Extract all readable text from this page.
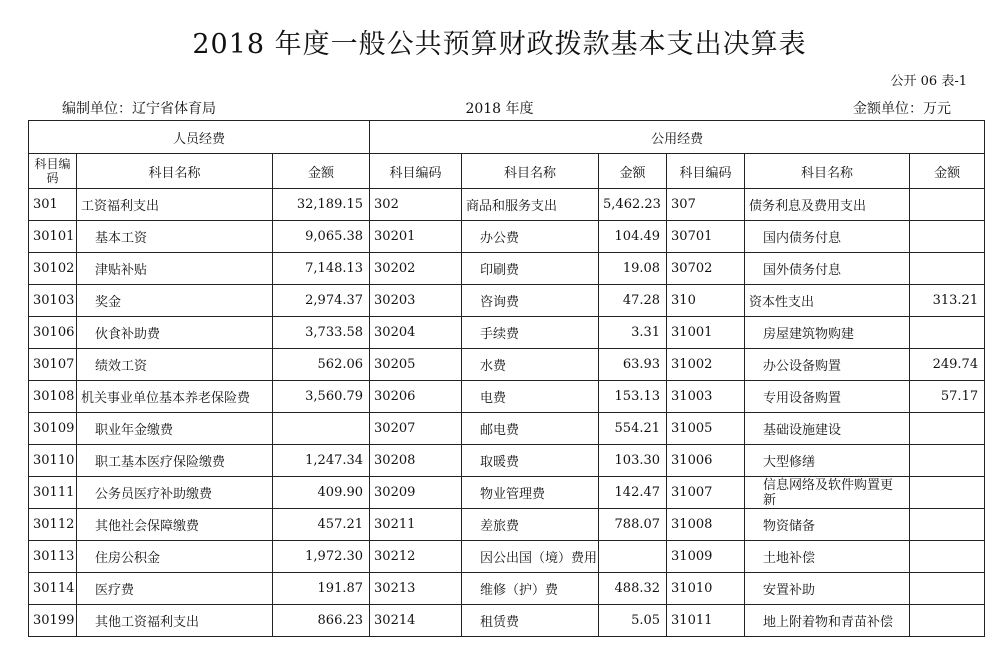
2018 年度一般公共预算财政拨款基本支出决算表
公开 06 表-1
编制单位：辽宁省体育局	2018 年度	金额单位：万元
人员经费			公用经费					
科目编码	科目名称	金额	科目编码	科目名称	金额	科目编码	科目名称	金额
301	工资福利支出	32,189.15	302	商品和服务支出	5,462.23	307	债务利息及费用支出	
30101	基本工资	9,065.38	30201	办公费	104.49	30701	国内债务付息	
30102	津贴补贴	7,148.13	30202	印刷费	19.08	30702	国外债务付息	
30103	奖金	2,974.37	30203	咨询费	47.28	310	资本性支出	313.21
30106	伙食补助费	3,733.58	30204	手续费	3.31	31001	房屋建筑物购建	
30107	绩效工资	562.06	30205	水费	63.93	31002	办公设备购置	249.74
30108	机关事业单位基本养老保险费	3,560.79	30206	电费	153.13	31003	专用设备购置	57.17
30109	职业年金缴费		30207	邮电费	554.21	31005	基础设施建设	
30110	职工基本医疗保险缴费	1,247.34	30208	取暖费	103.30	31006	大型修缮	
30111	公务员医疗补助缴费	409.90	30209	物业管理费	142.47	31007	信息网络及软件购置更新	
30112	其他社会保障缴费	457.21	30211	差旅费	788.07	31008	物资储备	
30113	住房公积金	1,972.30	30212	因公出国（境）费用		31009	土地补偿	
30114	医疗费	191.87	30213	维修（护）费	488.32	31010	安置补助	
30199	其他工资福利支出	866.23	30214	租赁费	5.05	31011	地上附着物和青苗补偿	
